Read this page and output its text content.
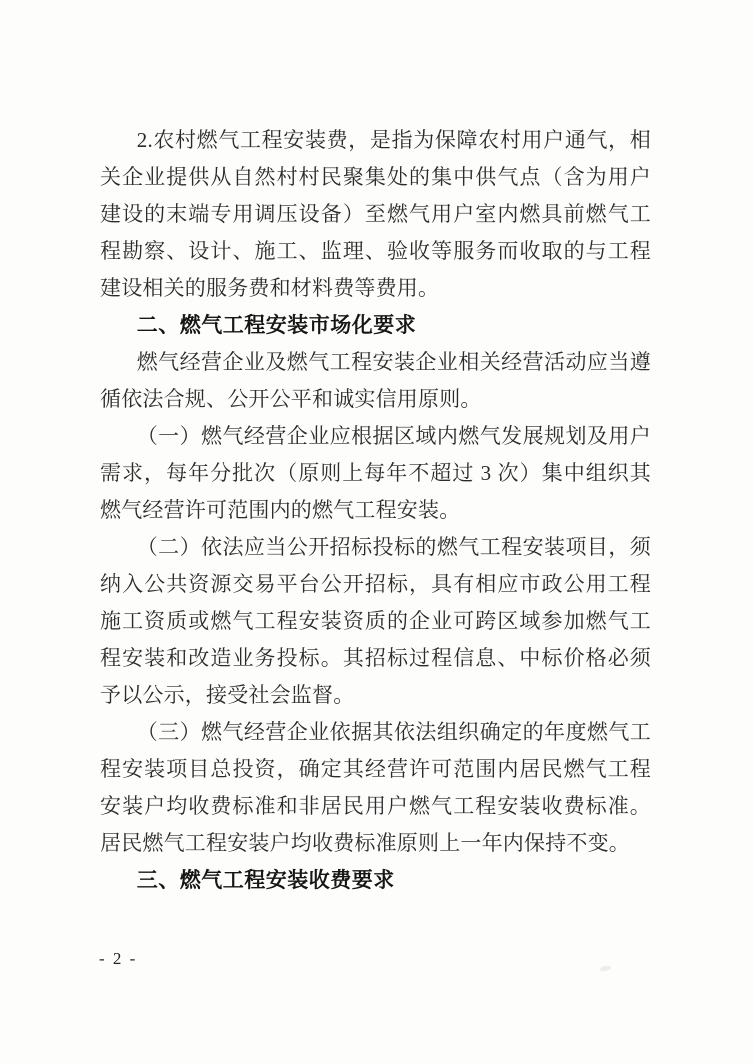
2.农村燃气工程安装费，是指为保障农村用户通气，相关企业提供从自然村村民聚集处的集中供气点（含为用户建设的末端专用调压设备）至燃气用户室内燃具前燃气工程勘察、设计、施工、监理、验收等服务而收取的与工程建设相关的服务费和材料费等费用。

二、燃气工程安装市场化要求

燃气经营企业及燃气工程安装企业相关经营活动应当遵循依法合规、公开公平和诚实信用原则。

（一）燃气经营企业应根据区域内燃气发展规划及用户需求，每年分批次（原则上每年不超过 3 次）集中组织其燃气经营许可范围内的燃气工程安装。

（二）依法应当公开招标投标的燃气工程安装项目，须纳入公共资源交易平台公开招标，具有相应市政公用工程施工资质或燃气工程安装资质的企业可跨区域参加燃气工程安装和改造业务投标。其招标过程信息、中标价格必须予以公示，接受社会监督。

（三）燃气经营企业依据其依法组织确定的年度燃气工程安装项目总投资，确定其经营许可范围内居民燃气工程安装户均收费标准和非居民用户燃气工程安装收费标准。居民燃气工程安装户均收费标准原则上一年内保持不变。

三、燃气工程安装收费要求
- 2 -
